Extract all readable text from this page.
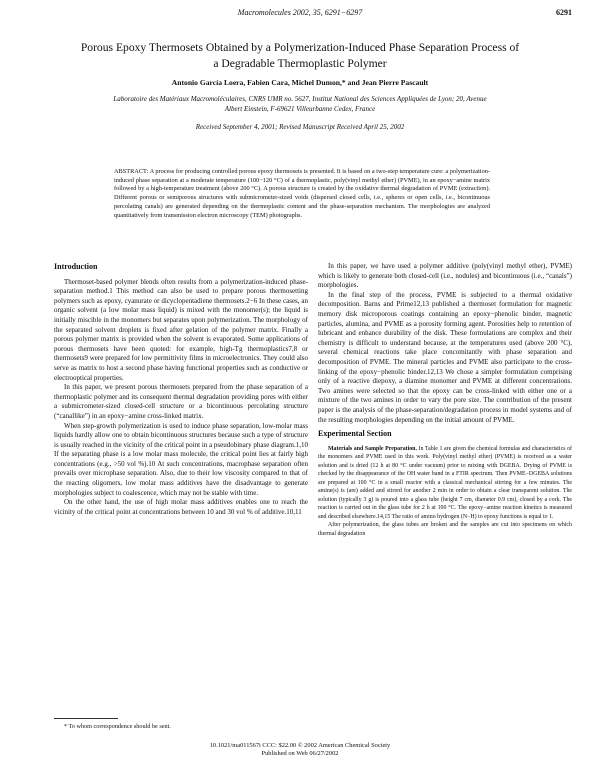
Macromolecules 2002, 35, 6291−6297	6291
Porous Epoxy Thermosets Obtained by a Polymerization-Induced Phase Separation Process of a Degradable Thermoplastic Polymer
Antonio García Loera, Fabien Cara, Michel Dumon,* and Jean Pierre Pascault
Laboratoire des Matériaux Macromoléculaires, CNRS UMR no. 5627, Institut National des Sciences Appliquées de Lyon; 20, Avenue Albert Einstein, F-69621 Villeurbanne Cedex, France
Received September 4, 2001; Revised Manuscript Received April 25, 2002
ABSTRACT: A process for producing controlled porous epoxy thermosets is presented. It is based on a two-step temperature cure: a polymerization-induced phase separation at a moderate temperature (100−120 °C) of a thermoplastic, poly(vinyl methyl ether) (PVME), in an epoxy−amine matrix followed by a high-temperature treatment (above 200 °C). A porous structure is created by the oxidative thermal degradation of PVME (extraction). Different porous or semiporous structures with submicrometer-sized voids (dispersed closed cells, i.e., spheres or open cells, i.e., bicontinuous percolating canals) are generated depending on the thermoplastic content and the phase-separation mechanism. The morphologies are analyzed quantitatively from transmission electron microscopy (TEM) photographs.
Introduction

Thermoset-based polymer blends often results from a polymerization-induced phase-separation method.1 This method can also be used to prepare porous thermosetting polymers such as epoxy, cyanurate or dicyclopentadiene thermosets.2−6 In these cases, an organic solvent (a low molar mass liquid) is mixed with the monomer(s); the liquid is initially miscible in the monomers but separates upon polymerization. The morphology of the separated solvent droplets is fixed after gelation of the polymer matrix. Finally a porous polymer matrix is provided when the solvent is evaporated. Some applications of porous thermosets have been quoted: for example, high-Tg thermoplastics7,8 or thermosets9 were prepared for low permittivity films in microelectronics. They could also serve as matrix to host a second phase having functional properties such as conductive or electrooptical properties.

In this paper, we present porous thermosets prepared from the phase separation of a thermoplastic polymer and its consequent thermal degradation providing pores with either a submicrometer-sized closed-cell structure or a bicontinuous percolating structure (“canallike”) in an epoxy−amine cross-linked matrix.

When step-growth polymerization is used to induce phase separation, low-molar mass liquids hardly allow one to obtain bicontinuous structures because such a type of structure is usually reached in the vicinity of the critical point in a pseudobinary phase diagram.1,10 If the separating phase is a low molar mass molecule, the critical point lies at fairly high concentrations (e.g., >50 vol %).10 At such concentrations, macrophase separation often prevails over microphase separation. Also, due to their low viscosity compared to that of the reacting oligomers, low molar mass additives have the disadvantage to generate morphologies subject to coalescence, which may not be stable with time.

On the other hand, the use of high molar mass additives enables one to reach the vicinity of the critical point at concentrations between 10 and 30 vol % of additive.10,11

In this paper, we have used a polymer additive (poly(vinyl methyl ether), PVME) which is likely to generate both closed-cell (i.e., nodules) and bicontinuous (i.e., “canals”) morphologies.

In the final step of the process, PVME is subjected to a thermal oxidative decomposition. Barns and Prime12,13 published a thermoset formulation for magnetic memory disk microporous coatings containing an epoxy−phenolic binder, magnetic particles, alumina, and PVME as a porosity forming agent. Porosities help to retention of lubricant and enhance durability of the disk. These formulations are complex and their chemistry is difficult to understand because, at the temperatures used (above 200 °C), several chemical reactions take place concomitantly with phase separation and decomposition of PVME. The mineral particles and PVME also participate to the cross-linking of the epoxy−phenolic binder.12,13 We chose a simpler formulation comprising only of a reactive diepoxy, a diamine monomer and PVME at different concentrations. Two amines were selected so that the epoxy can be cross-linked with either one or a mixture of the two amines in order to vary the pore size. The contribution of the present paper is the analysis of the phase-separation/degradation process in model systems and of the resulting morphologies depending on the initial amount of PVME.

Experimental Section

Materials and Sample Preparation. In Table 1 are given the chemical formulas and characteristics of the monomers and PVME used in this work. Poly(vinyl methyl ether) (PVME) is received as a water solution and is dried (12 h at 80 °C under vacuum) prior to mixing with DGEBA. Drying of PVME is checked by the disappearance of the OH water band in a FTIR spectrum. Then PVME−DGEBA solutions are prepared at 100 °C in a small reactor with a classical mechanical stirring for a few minutes. The amine(s) is (are) added and stirred for another 2 min in order to obtain a clear transparent solution. The solution (typically 3 g) is poured into a glass tube (height 7 cm, diameter 0.9 cm), closed by a cork. The reaction is carried out in the glass tube for 2 h at 100 °C. The epoxy−amine reaction kinetics is measured and described elsewhere.14,15 The ratio of amino hydrogen (N−H) to epoxy functions is equal to 1.

After polymerization, the glass tubes are broken and the samples are cut into specimens on which thermal degradation

* To whom correspondence should be sent.
10.1021/ma011567i CCC: $22.00 © 2002 American Chemical Society
Published on Web 06/27/2002
